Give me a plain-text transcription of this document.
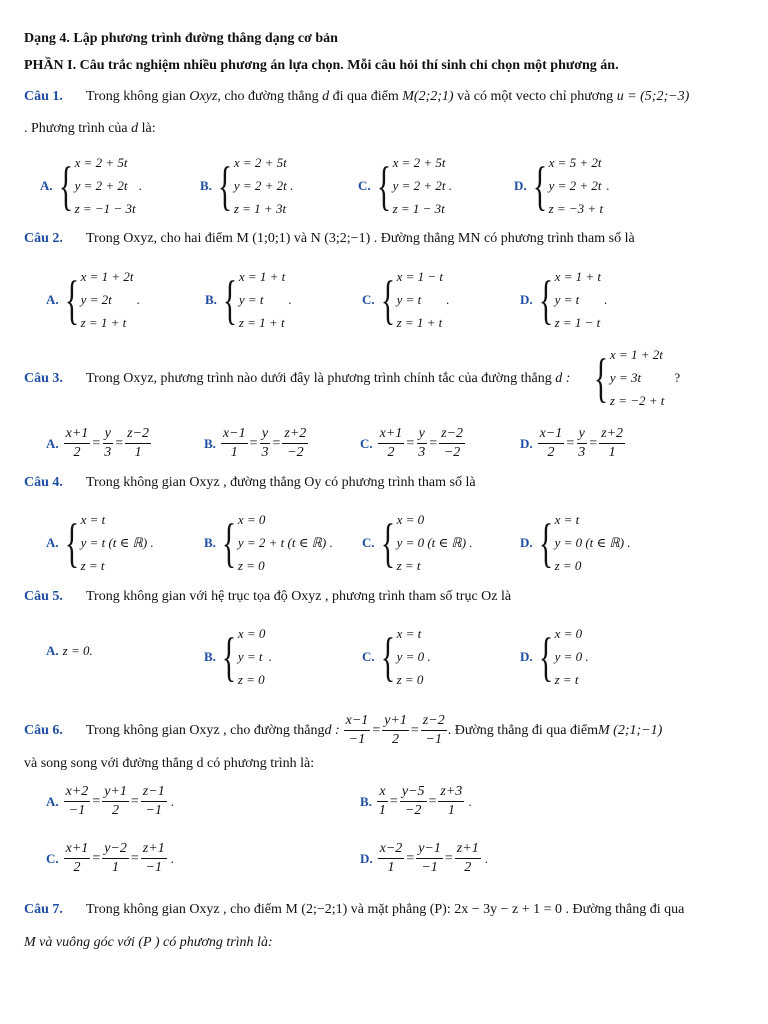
Dạng 4. Lập phương trình đường thẳng dạng cơ bản
PHẦN I. Câu trắc nghiệm nhiều phương án lựa chọn. Mỗi câu hỏi thí sinh chỉ chọn một phương án.
Câu 1. Trong không gian Oxyz, cho đường thẳng d đi qua điểm M(2;2;1) và có một vecto chỉ phương u = (5;2;−3)
. Phương trình của d là:
A. { x = 2 + 5t
y = 2 + 2t
z = −1 − 3t
.	B. { x = 2 + 5t
y = 2 + 2t
z = 1 + 3t
.	C. { x = 2 + 5t
y = 2 + 2t
z = 1 − 3t
.	D. { x = 5 + 2t
y = 2 + 2t
z = −3 + t
.
Câu 2. Trong Oxyz, cho hai điểm M (1;0;1) và N (3;2;−1) . Đường thẳng MN có phương trình tham số là
A. { x = 1 + 2t
y = 2t
z = 1 + t
.	B. { x = 1 + t
y = t
z = 1 + t
.	C. { x = 1 − t
y = t
z = 1 + t
.	D. { x = 1 + t
y = t
z = 1 − t
.
Câu 3. Trong Oxyz, phương trình nào dưới đây là phương trình chính tắc của đường thẳng d : { x = 1 + 2t
y = 3t
z = −2 + t
?
A. $\frac{x+1}{2} = \frac{y}{3} = \frac{z-2}{1}$	B. $\frac{x-1}{1} = \frac{y}{3} = \frac{z+2}{-2}$	C. $\frac{x+1}{2} = \frac{y}{3} = \frac{z-2}{-2}$	D. $\frac{x-1}{2} = \frac{y}{3} = \frac{z+2}{1}$
Câu 4. Trong không gian Oxyz , đường thẳng Oy có phương trình tham số là
A. { x = t
y = t (t ∈ ℝ)
z = t
.	B. { x = 0
y = 2 + t (t ∈ ℝ)
z = 0
. C. { x = 0
y = 0 (t ∈ ℝ)
z = t
.	D. { x = t
y = 0 (t ∈ ℝ)
z = 0
.
Câu 5. Trong không gian với hệ trục tọa độ Oxyz , phương trình tham số trục Oz là
A. z = 0.	B. { x = 0
y = t
z = 0
.	C. { x = t
y = 0
z = 0
.	D. { x = 0
y = 0
z = t
.
Câu 6.	Trong không gian Oxyz , cho đường thẳng d : $\frac{x-1}{-1} = \frac{y+1}{2} = \frac{z-2}{-1}$ . Đường thẳng đi qua điểm M (2;1;−1)
và song song với đường thẳng d có phương trình là:
A. $\frac{x+2}{-1} = \frac{y+1}{2} = \frac{z-1}{-1}$ .	B. $\frac{x}{1} = \frac{y-5}{-2} = \frac{z+3}{1}$ .
C. $\frac{x+1}{2} = \frac{y-2}{1} = \frac{z+1}{-1}$ .	D. $\frac{x-2}{1} = \frac{y-1}{-1} = \frac{z+1}{2}$ .
Câu 7. Trong không gian Oxyz , cho điểm M (2;−2;1) và mặt phẳng (P): 2x − 3y − z + 1 = 0 . Đường thẳng đi qua
M và vuông góc với (P ) có phương trình là:
